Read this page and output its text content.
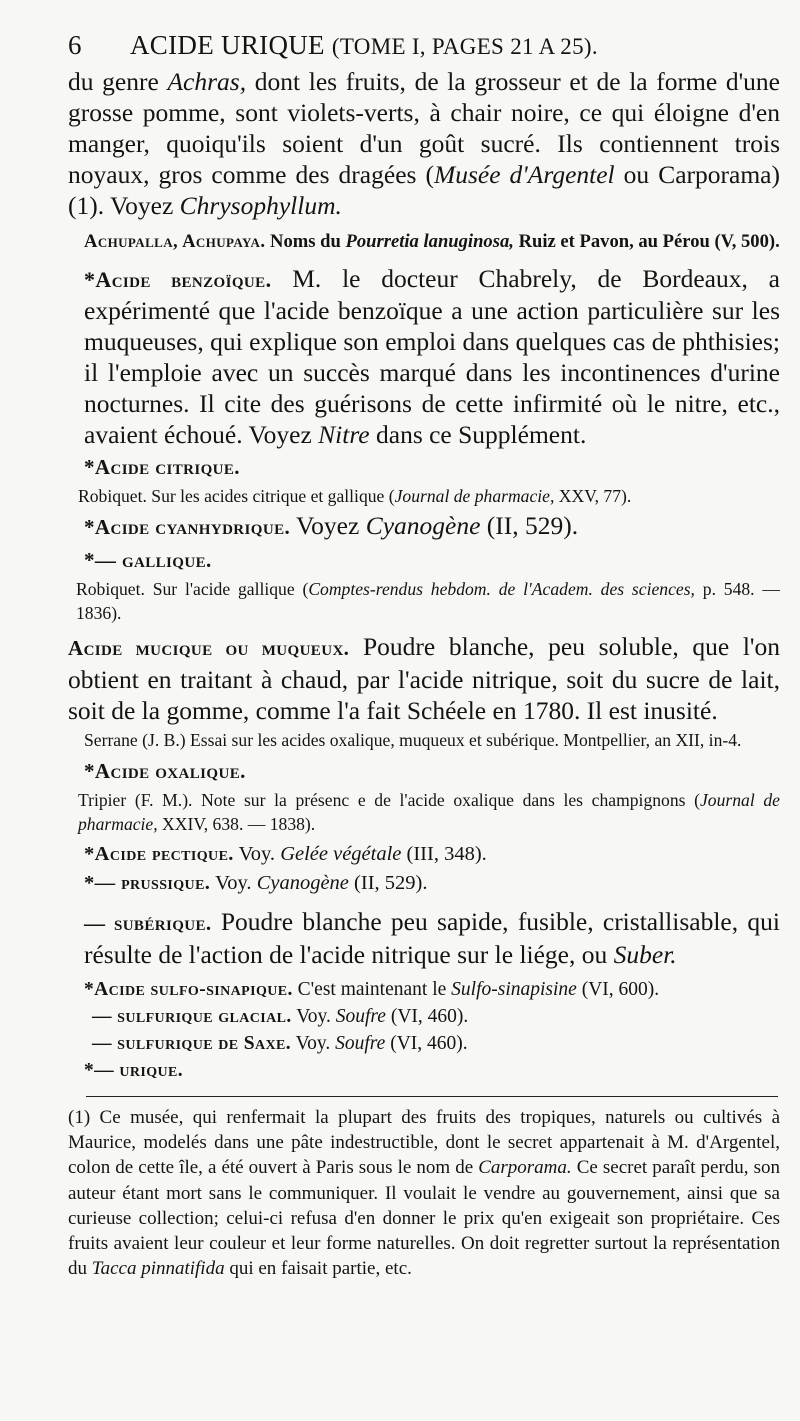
6	ACIDE URIQUE (TOME I, PAGES 21 A 25).

du genre Achras, dont les fruits, de la grosseur et de la forme d'une grosse pomme, sont violets-verts, à chair noire, ce qui éloigne d'en manger, quoiqu'ils soient d'un goût sucré. Ils contiennent trois noyaux, gros comme des dragées (Musée d'Argentel ou Carporama) (1). Voyez Chrysophyllum.

Achupalla, Achupaya. Noms du Pourretia lanuginosa, Ruiz et Pavon, au Pérou (V, 500).

*Acide benzoïque. M. le docteur Chabrely, de Bordeaux, a expérimenté que l'acide benzoïque a une action particulière sur les muqueuses, qui explique son emploi dans quelques cas de phthisies; il l'emploie avec un succès marqué dans les incontinences d'urine nocturnes. Il cite des guérisons de cette infirmité où le nitre, etc., avaient échoué. Voyez Nitre dans ce Supplément.

*Acide citrique.

Robiquet. Sur les acides citrique et gallique (Journal de pharmacie, XXV, 77).

*Acide cyanhydrique. Voyez Cyanogène (II, 529).

*— gallique.

Robiquet. Sur l'acide gallique (Comptes-rendus hebdom. de l'Academ. des sciences, p. 548. — 1836).

Acide mucique ou muqueux. Poudre blanche, peu soluble, que l'on obtient en traitant à chaud, par l'acide nitrique, soit du sucre de lait, soit de la gomme, comme l'a fait Schéele en 1780. Il est inusité.

Serrane (J. B.) Essai sur les acides oxalique, muqueux et subérique. Montpellier, an XII, in-4.

*Acide oxalique.

Tripier (F. M.). Note sur la présenc e de l'acide oxalique dans les champignons (Journal de pharmacie, XXIV, 638. — 1838).

*Acide pectique. Voy. Gelée végétale (III, 348).

*— prussique. Voy. Cyanogène (II, 529).

— subérique. Poudre blanche peu sapide, fusible, cristallisable, qui résulte de l'action de l'acide nitrique sur le liége, ou Suber.

*Acide sulfo-sinapique. C'est maintenant le Sulfo-sinapisine (VI, 600).

— sulfurique glacial. Voy. Soufre (VI, 460).

— sulfurique de Saxe. Voy. Soufre (VI, 460).

*— urique.

(1) Ce musée, qui renfermait la plupart des fruits des tropiques, naturels ou cultivés à Maurice, modelés dans une pâte indestructible, dont le secret appartenait à M. d'Argentel, colon de cette île, a été ouvert à Paris sous le nom de Carporama. Ce secret paraît perdu, son auteur étant mort sans le communiquer. Il voulait le vendre au gouvernement, ainsi que sa curieuse collection; celui-ci refusa d'en donner le prix qu'en exigeait son propriétaire. Ces fruits avaient leur couleur et leur forme naturelles. On doit regretter surtout la représentation du Tacca pinnatifida qui en faisait partie, etc.
